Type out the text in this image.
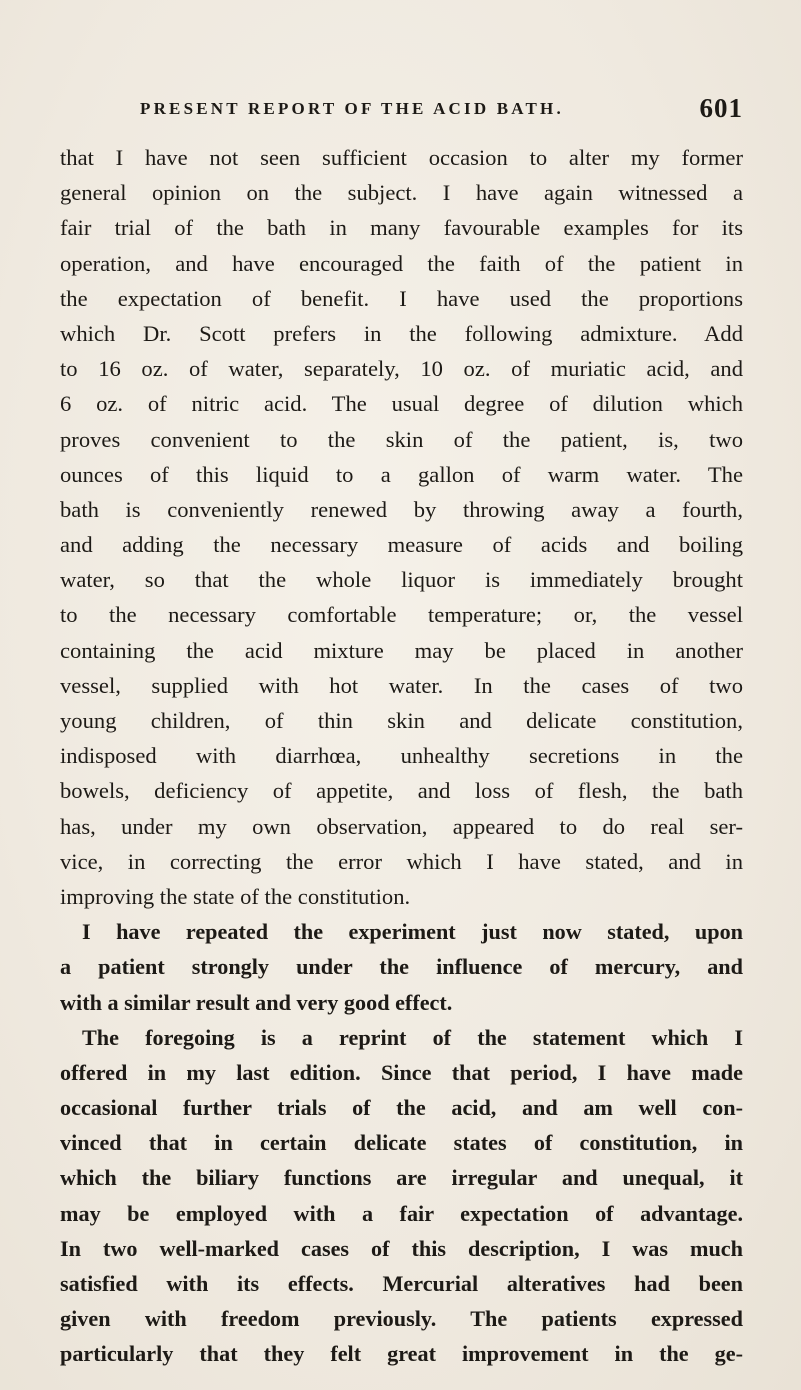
PRESENT REPORT OF THE ACID BATH.	601
that I have not seen sufficient occasion to alter my former
general opinion on the subject. I have again witnessed a
fair trial of the bath in many favourable examples for its
operation, and have encouraged the faith of the patient in
the expectation of benefit. I have used the proportions
which Dr. Scott prefers in the following admixture. Add
to 16 oz. of water, separately, 10 oz. of muriatic acid, and
6 oz. of nitric acid. The usual degree of dilution which
proves convenient to the skin of the patient, is, two
ounces of this liquid to a gallon of warm water. The
bath is conveniently renewed by throwing away a fourth,
and adding the necessary measure of acids and boiling
water, so that the whole liquor is immediately brought
to the necessary comfortable temperature; or, the vessel
containing the acid mixture may be placed in another
vessel, supplied with hot water. In the cases of two
young children, of thin skin and delicate constitution,
indisposed with diarrhœa, unhealthy secretions in the
bowels, deficiency of appetite, and loss of flesh, the bath
has, under my own observation, appeared to do real ser-
vice, in correcting the error which I have stated, and in
improving the state of the constitution.
I have repeated the experiment just now stated, upon
a patient strongly under the influence of mercury, and
with a similar result and very good effect.
The foregoing is a reprint of the statement which I
offered in my last edition. Since that period, I have made
occasional further trials of the acid, and am well con-
vinced that in certain delicate states of constitution, in
which the biliary functions are irregular and unequal, it
may be employed with a fair expectation of advantage.
In two well-marked cases of this description, I was much
satisfied with its effects. Mercurial alteratives had been
given with freedom previously. The patients expressed
particularly that they felt great improvement in the ge-
